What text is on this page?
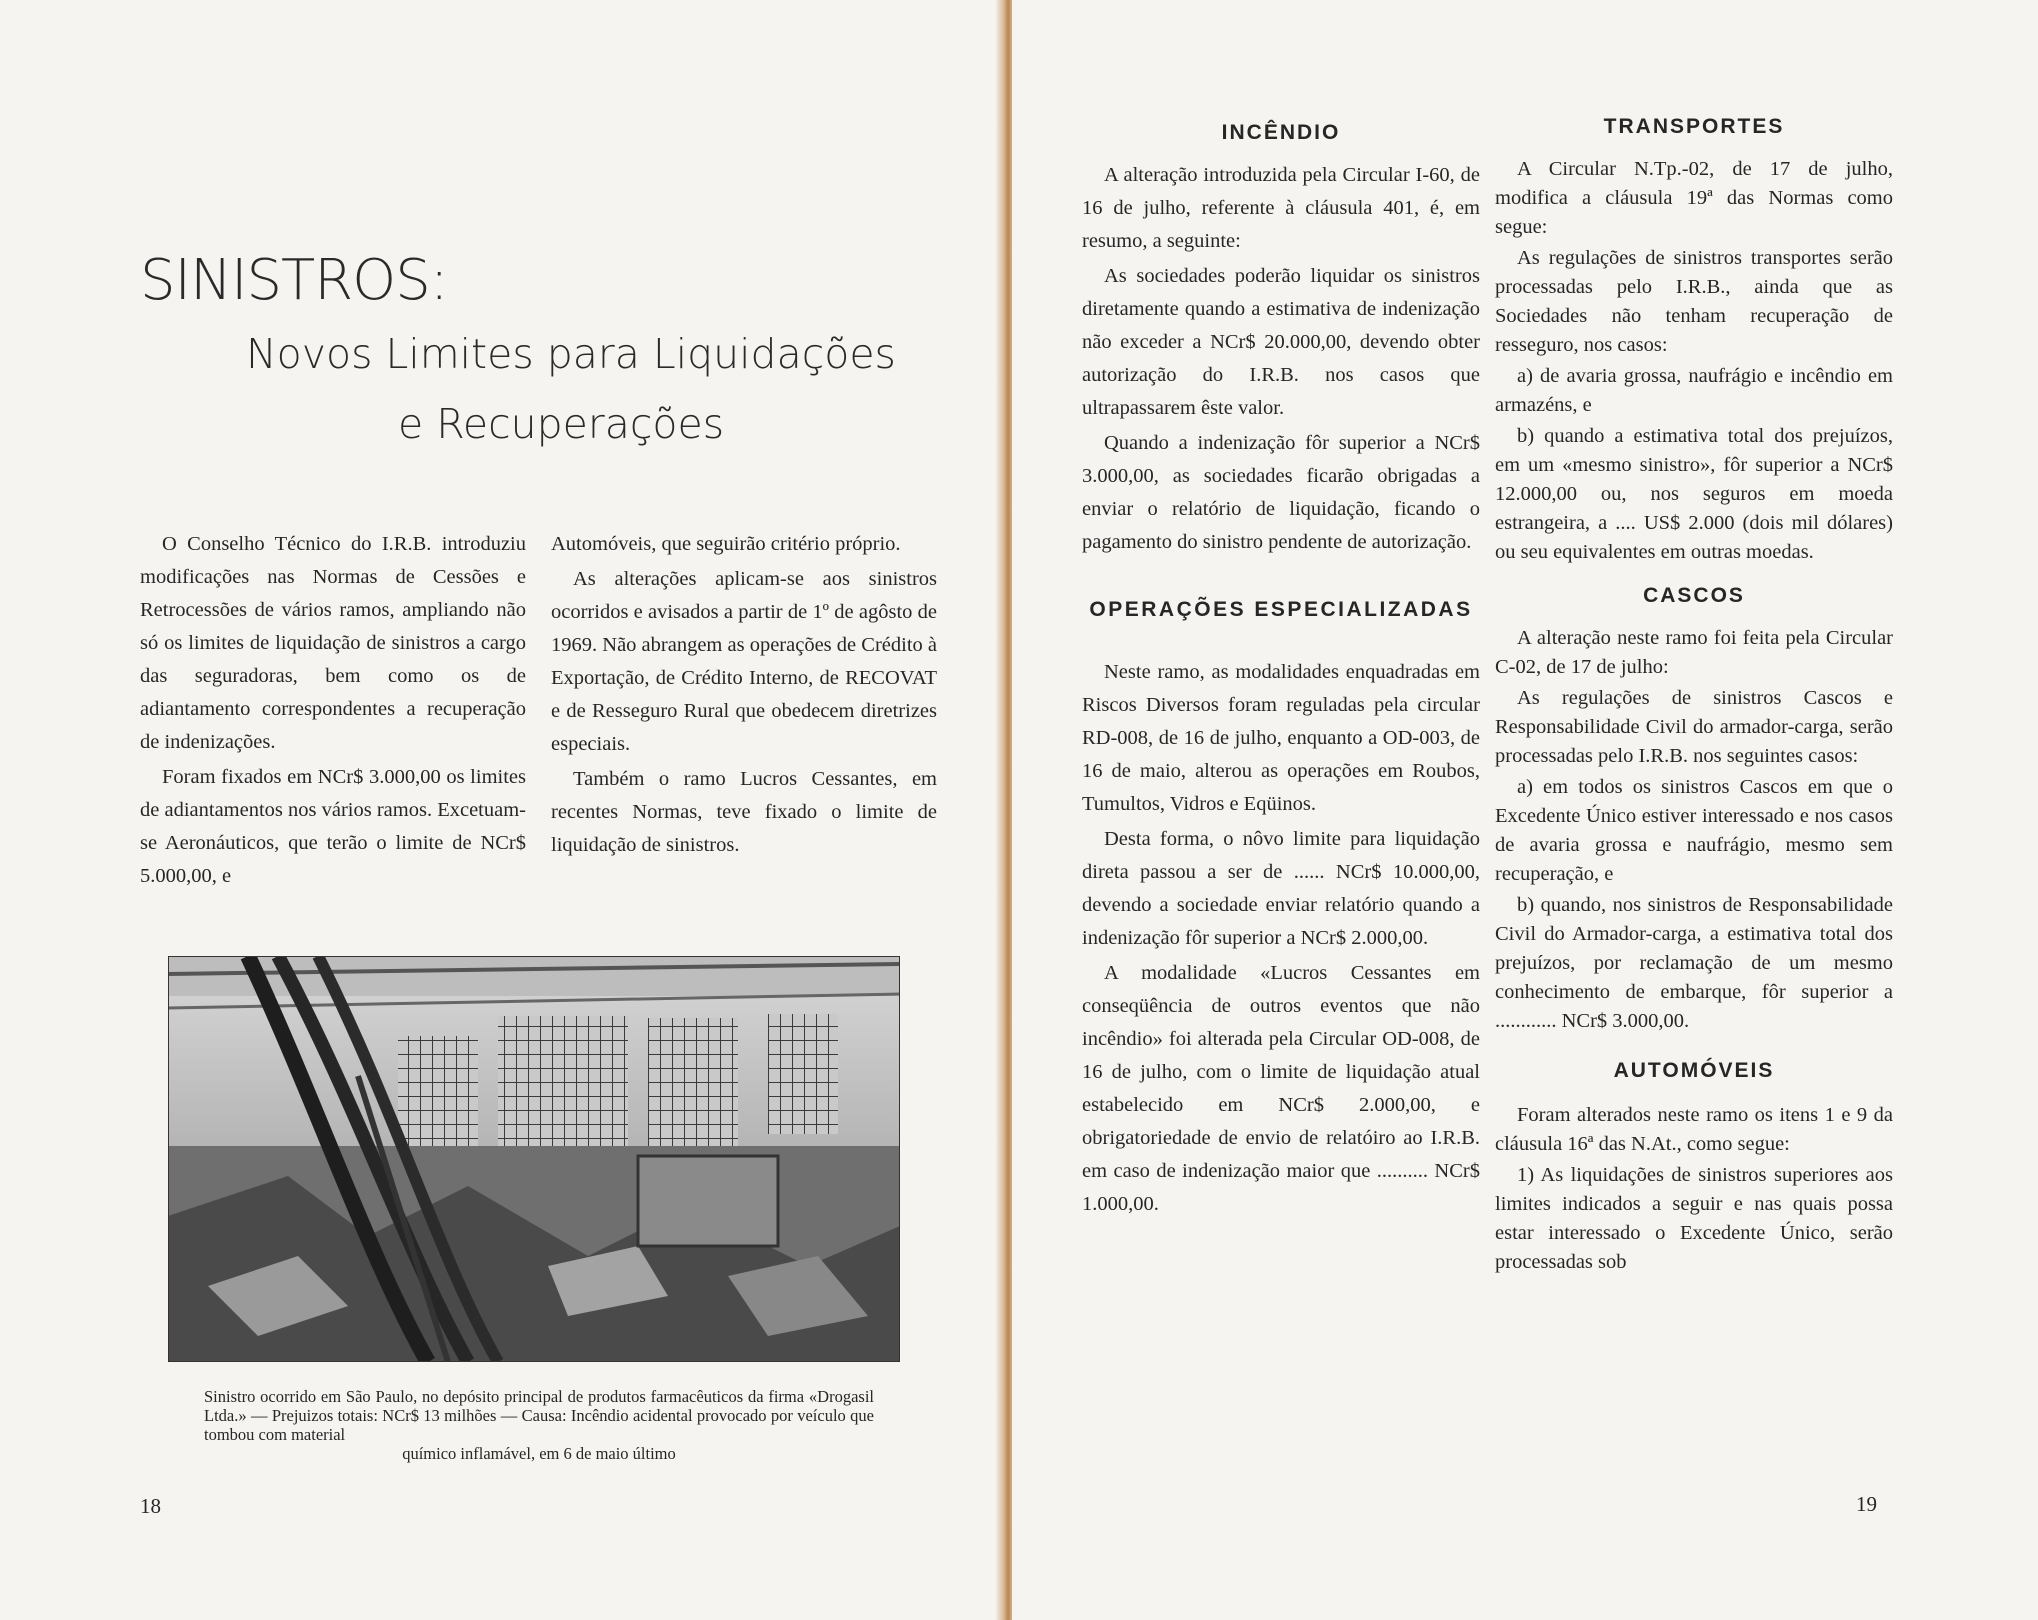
SINISTROS:
Novos Limites para Liquidações
e Recuperações

O Conselho Técnico do I.R.B. introduziu modificações nas Normas de Cessões e Retrocessões de vários ramos, ampliando não só os limites de liquidação de sinistros a cargo das seguradoras, bem como os de adiantamento correspondentes a recuperação de indenizações.

Foram fixados em NCr$ 3.000,00 os limites de adiantamentos nos vários ramos. Excetuam-se Aeronáuticos, que terão o limite de NCr$ 5.000,00, e

Automóveis, que seguirão critério próprio.

As alterações aplicam-se aos sinistros ocorridos e avisados a partir de 1º de agôsto de 1969. Não abrangem as operações de Crédito à Exportação, de Crédito Interno, de RECOVAT e de Resseguro Rural que obedecem diretrizes especiais.

Também o ramo Lucros Cessantes, em recentes Normas, teve fixado o limite de liquidação de sinistros.

Sinistro ocorrido em São Paulo, no depósito principal de produtos farmacêuticos da firma «Drogasil Ltda.» — Prejuizos totais: NCr$ 13 milhões — Causa: Incêndio acidental provocado por veículo que tombou com material
químico inflamável, em 6 de maio último
18
INCÊNDIO

A alteração introduzida pela Circular I-60, de 16 de julho, referente à cláusula 401, é, em resumo, a seguinte:

As sociedades poderão liquidar os sinistros diretamente quando a estimativa de indenização não exceder a NCr$ 20.000,00, devendo obter autorização do I.R.B. nos casos que ultrapassarem êste valor.

Quando a indenização fôr superior a NCr$ 3.000,00, as sociedades ficarão obrigadas a enviar o relatório de liquidação, ficando o pagamento do sinistro pendente de autorização.

OPERAÇÕES ESPECIALIZADAS

Neste ramo, as modalidades enquadradas em Riscos Diversos foram reguladas pela circular RD-008, de 16 de julho, enquanto a OD-003, de 16 de maio, alterou as operações em Roubos, Tumultos, Vidros e Eqüinos.

Desta forma, o nôvo limite para liquidação direta passou a ser de ...... NCr$ 10.000,00, devendo a sociedade enviar relatório quando a indenização fôr superior a NCr$ 2.000,00.

A modalidade «Lucros Cessantes em conseqüência de outros eventos que não incêndio» foi alterada pela Circular OD-008, de 16 de julho, com o limite de liquidação atual estabelecido em NCr$ 2.000,00, e obrigatoriedade de envio de relatóiro ao I.R.B. em caso de indenização maior que .......... NCr$ 1.000,00.

TRANSPORTES

A Circular N.Tp.-02, de 17 de julho, modifica a cláusula 19ª das Normas como segue:

As regulações de sinistros transportes serão processadas pelo I.R.B., ainda que as Sociedades não tenham recuperação de resseguro, nos casos:

a) de avaria grossa, naufrágio e incêndio em armazéns, e

b) quando a estimativa total dos prejuízos, em um «mesmo sinistro», fôr superior a NCr$ 12.000,00 ou, nos seguros em moeda estrangeira, a .... US$ 2.000 (dois mil dólares) ou seu equivalentes em outras moedas.

CASCOS

A alteração neste ramo foi feita pela Circular C-02, de 17 de julho:

As regulações de sinistros Cascos e Responsabilidade Civil do armador-carga, serão processadas pelo I.R.B. nos seguintes casos:

a) em todos os sinistros Cascos em que o Excedente Único estiver interessado e nos casos de avaria grossa e naufrágio, mesmo sem recuperação, e

b) quando, nos sinistros de Responsabilidade Civil do Armador-carga, a estimativa total dos prejuízos, por reclamação de um mesmo conhecimento de embarque, fôr superior a ............ NCr$ 3.000,00.

AUTOMÓVEIS

Foram alterados neste ramo os itens 1 e 9 da cláusula 16ª das N.At., como segue:

1) As liquidações de sinistros superiores aos limites indicados a seguir e nas quais possa estar interessado o Excedente Único, serão processadas sob

19
